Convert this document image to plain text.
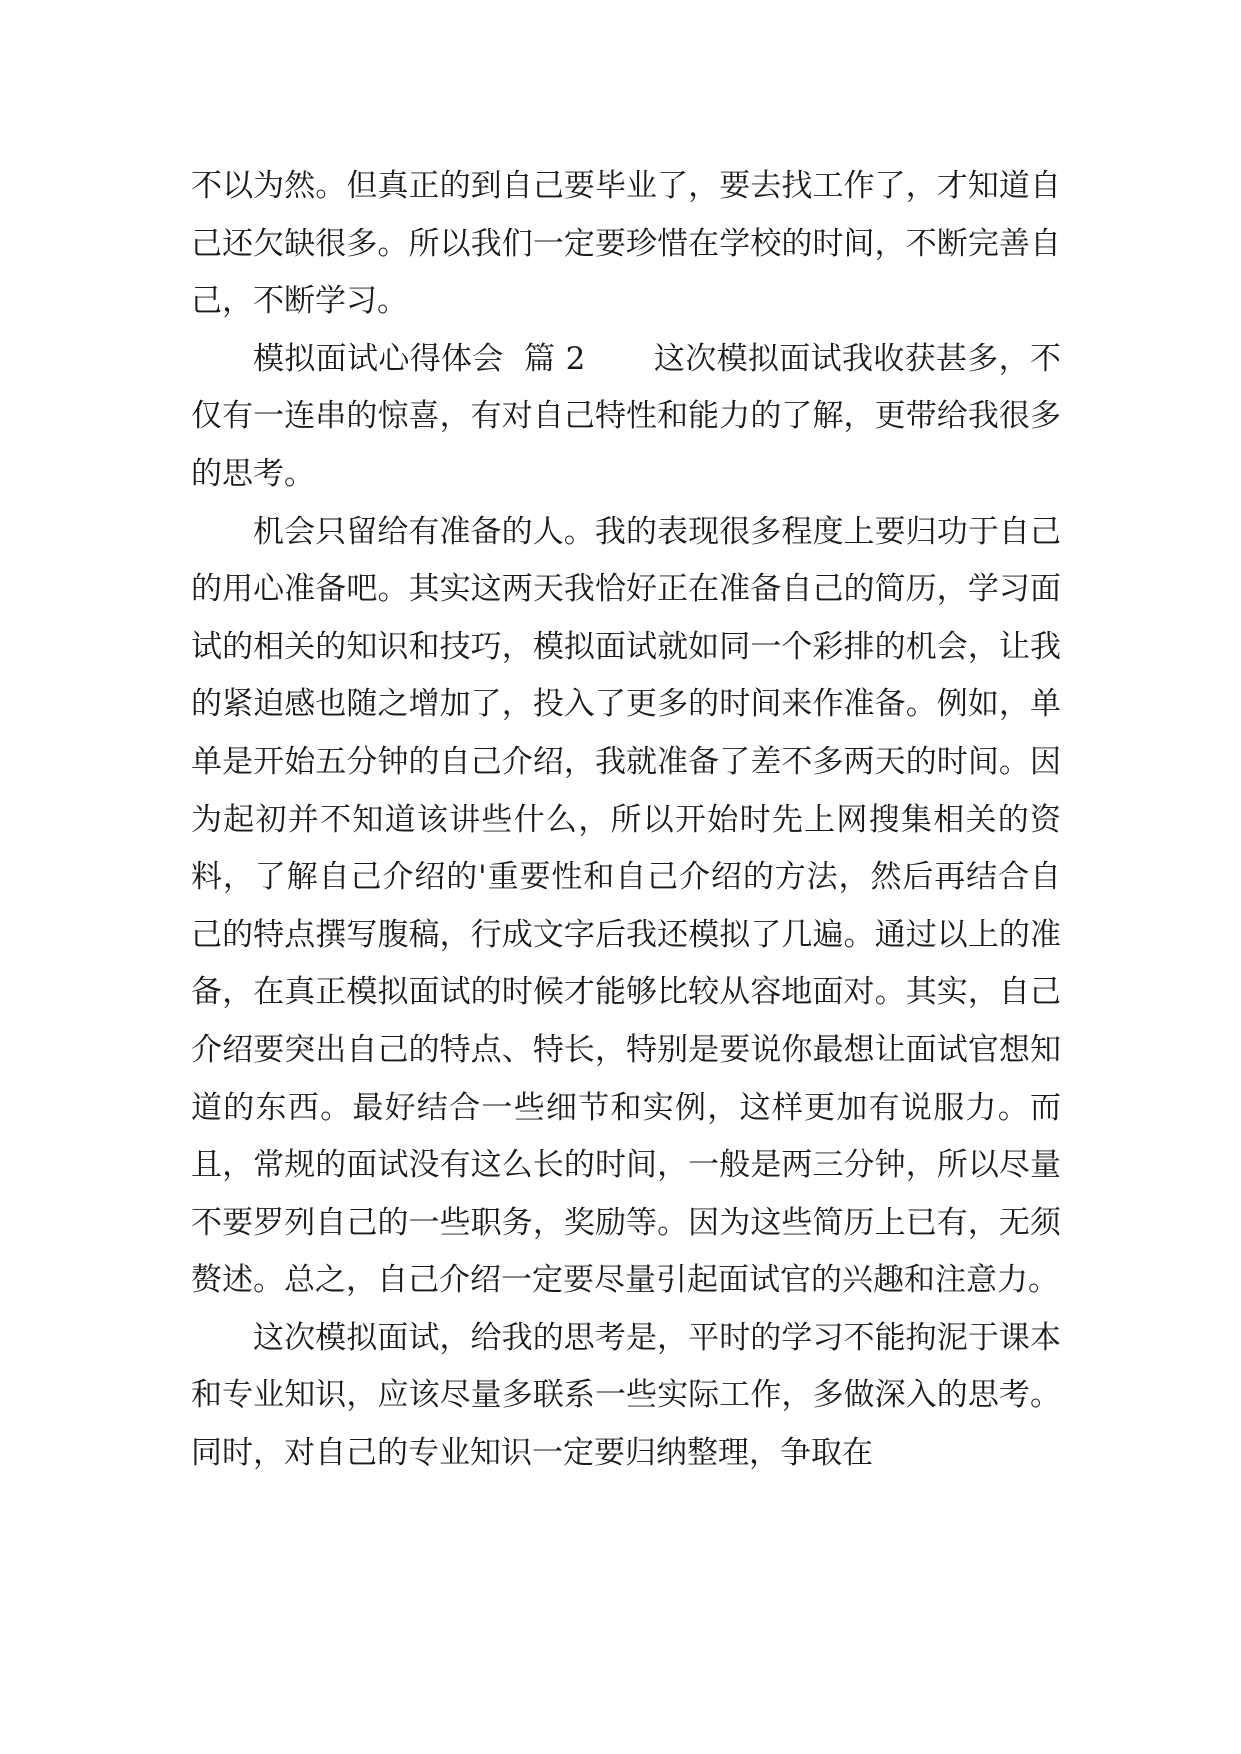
不以为然。但真正的到自己要毕业了，要去找工作了，才知道自己还欠缺很多。所以我们一定要珍惜在学校的时间，不断完善自己，不断学习。

模拟面试心得体会  篇 2 这次模拟面试我收获甚多，不仅有一连串的惊喜，有对自己特性和能力的了解，更带给我很多的思考。

机会只留给有准备的人。我的表现很多程度上要归功于自己的用心准备吧。其实这两天我恰好正在准备自己的简历，学习面试的相关的知识和技巧，模拟面试就如同一个彩排的机会，让我的紧迫感也随之增加了，投入了更多的时间来作准备。例如，单单是开始五分钟的自己介绍，我就准备了差不多两天的时间。因为起初并不知道该讲些什么，所以开始时先上网搜集相关的资料，了解自己介绍的'重要性和自己介绍的方法，然后再结合自己的特点撰写腹稿，行成文字后我还模拟了几遍。通过以上的准备，在真正模拟面试的时候才能够比较从容地面对。其实，自己介绍要突出自己的特点、特长，特别是要说你最想让面试官想知道的东西。最好结合一些细节和实例，这样更加有说服力。而且，常规的面试没有这么长的时间，一般是两三分钟，所以尽量不要罗列自己的一些职务，奖励等。因为这些简历上已有，无须赘述。总之，自己介绍一定要尽量引起面试官的兴趣和注意力。

这次模拟面试，给我的思考是，平时的学习不能拘泥于课本和专业知识，应该尽量多联系一些实际工作，多做深入的思考。同时，对自己的专业知识一定要归纳整理，争取在
